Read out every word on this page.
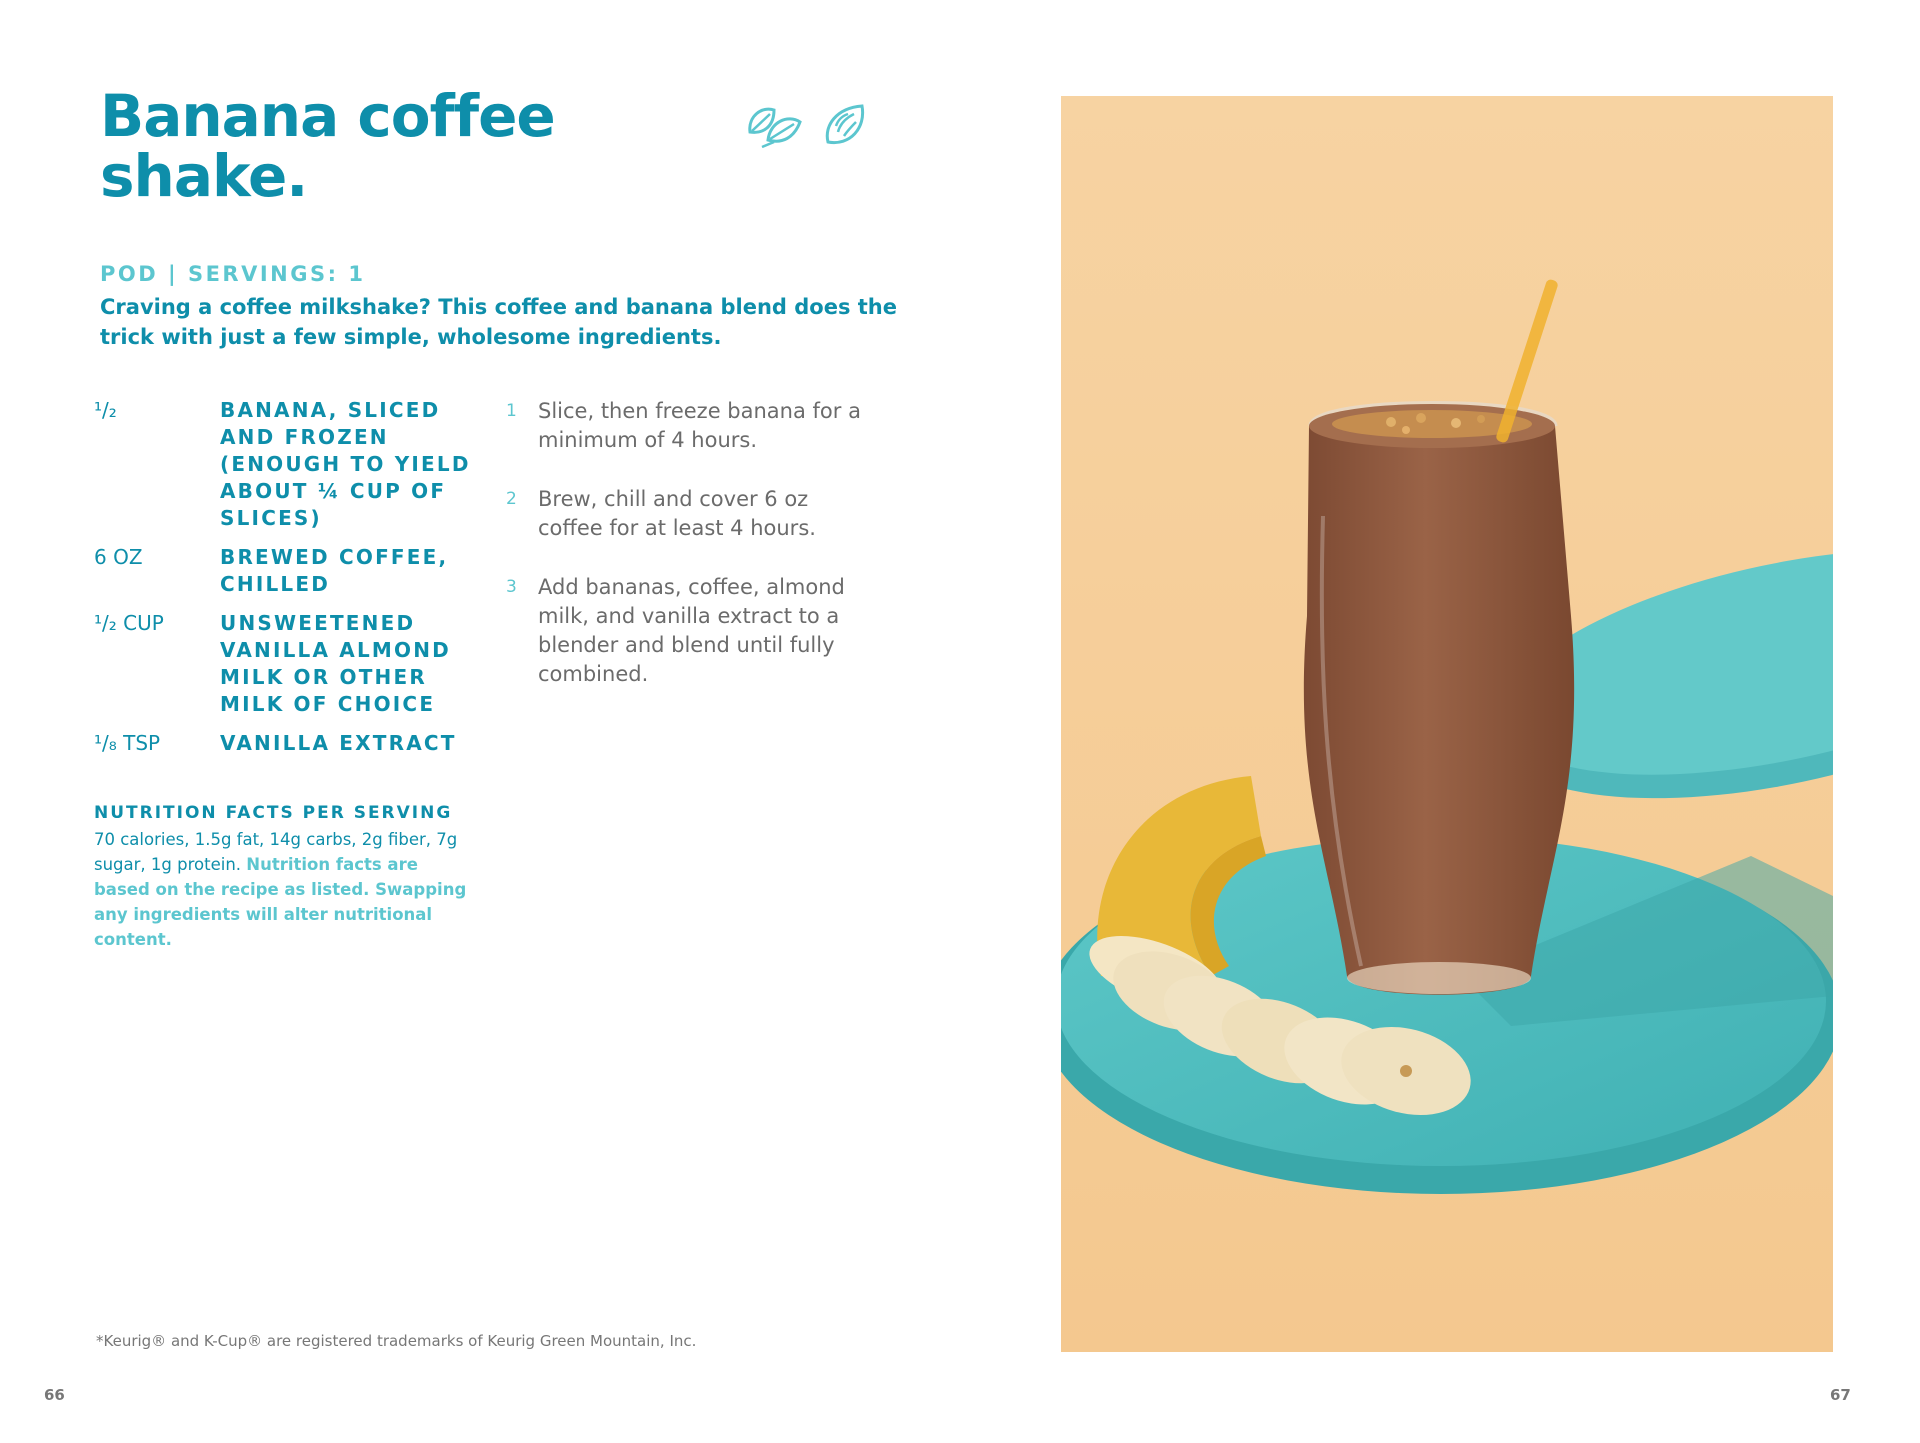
Banana coffee shake.
POD | SERVINGS: 1
Craving a coffee milkshake? This coffee and banana blend does the trick with just a few simple, wholesome ingredients.
¹/₂	BANANA, SLICED AND FROZEN (ENOUGH TO YIELD ABOUT ¼ CUP OF SLICES)
6 OZ	BREWED COFFEE, CHILLED
¹/₂ CUP	UNSWEETENED VANILLA ALMOND MILK OR OTHER MILK OF CHOICE
¹/₈ TSP	VANILLA EXTRACT
1	Slice, then freeze banana for a minimum of 4 hours.
2	Brew, chill and cover 6 oz coffee for at least 4 hours.
3	Add bananas, coffee, almond milk, and vanilla extract to a blender and blend until fully combined.
NUTRITION FACTS PER SERVING
70 calories, 1.5g fat, 14g carbs, 2g fiber, 7g sugar, 1g protein. Nutrition facts are based on the recipe as listed. Swapping any ingredients will alter nutritional content.
*Keurig® and K-Cup® are registered trademarks of Keurig Green Mountain, Inc.
66	67
